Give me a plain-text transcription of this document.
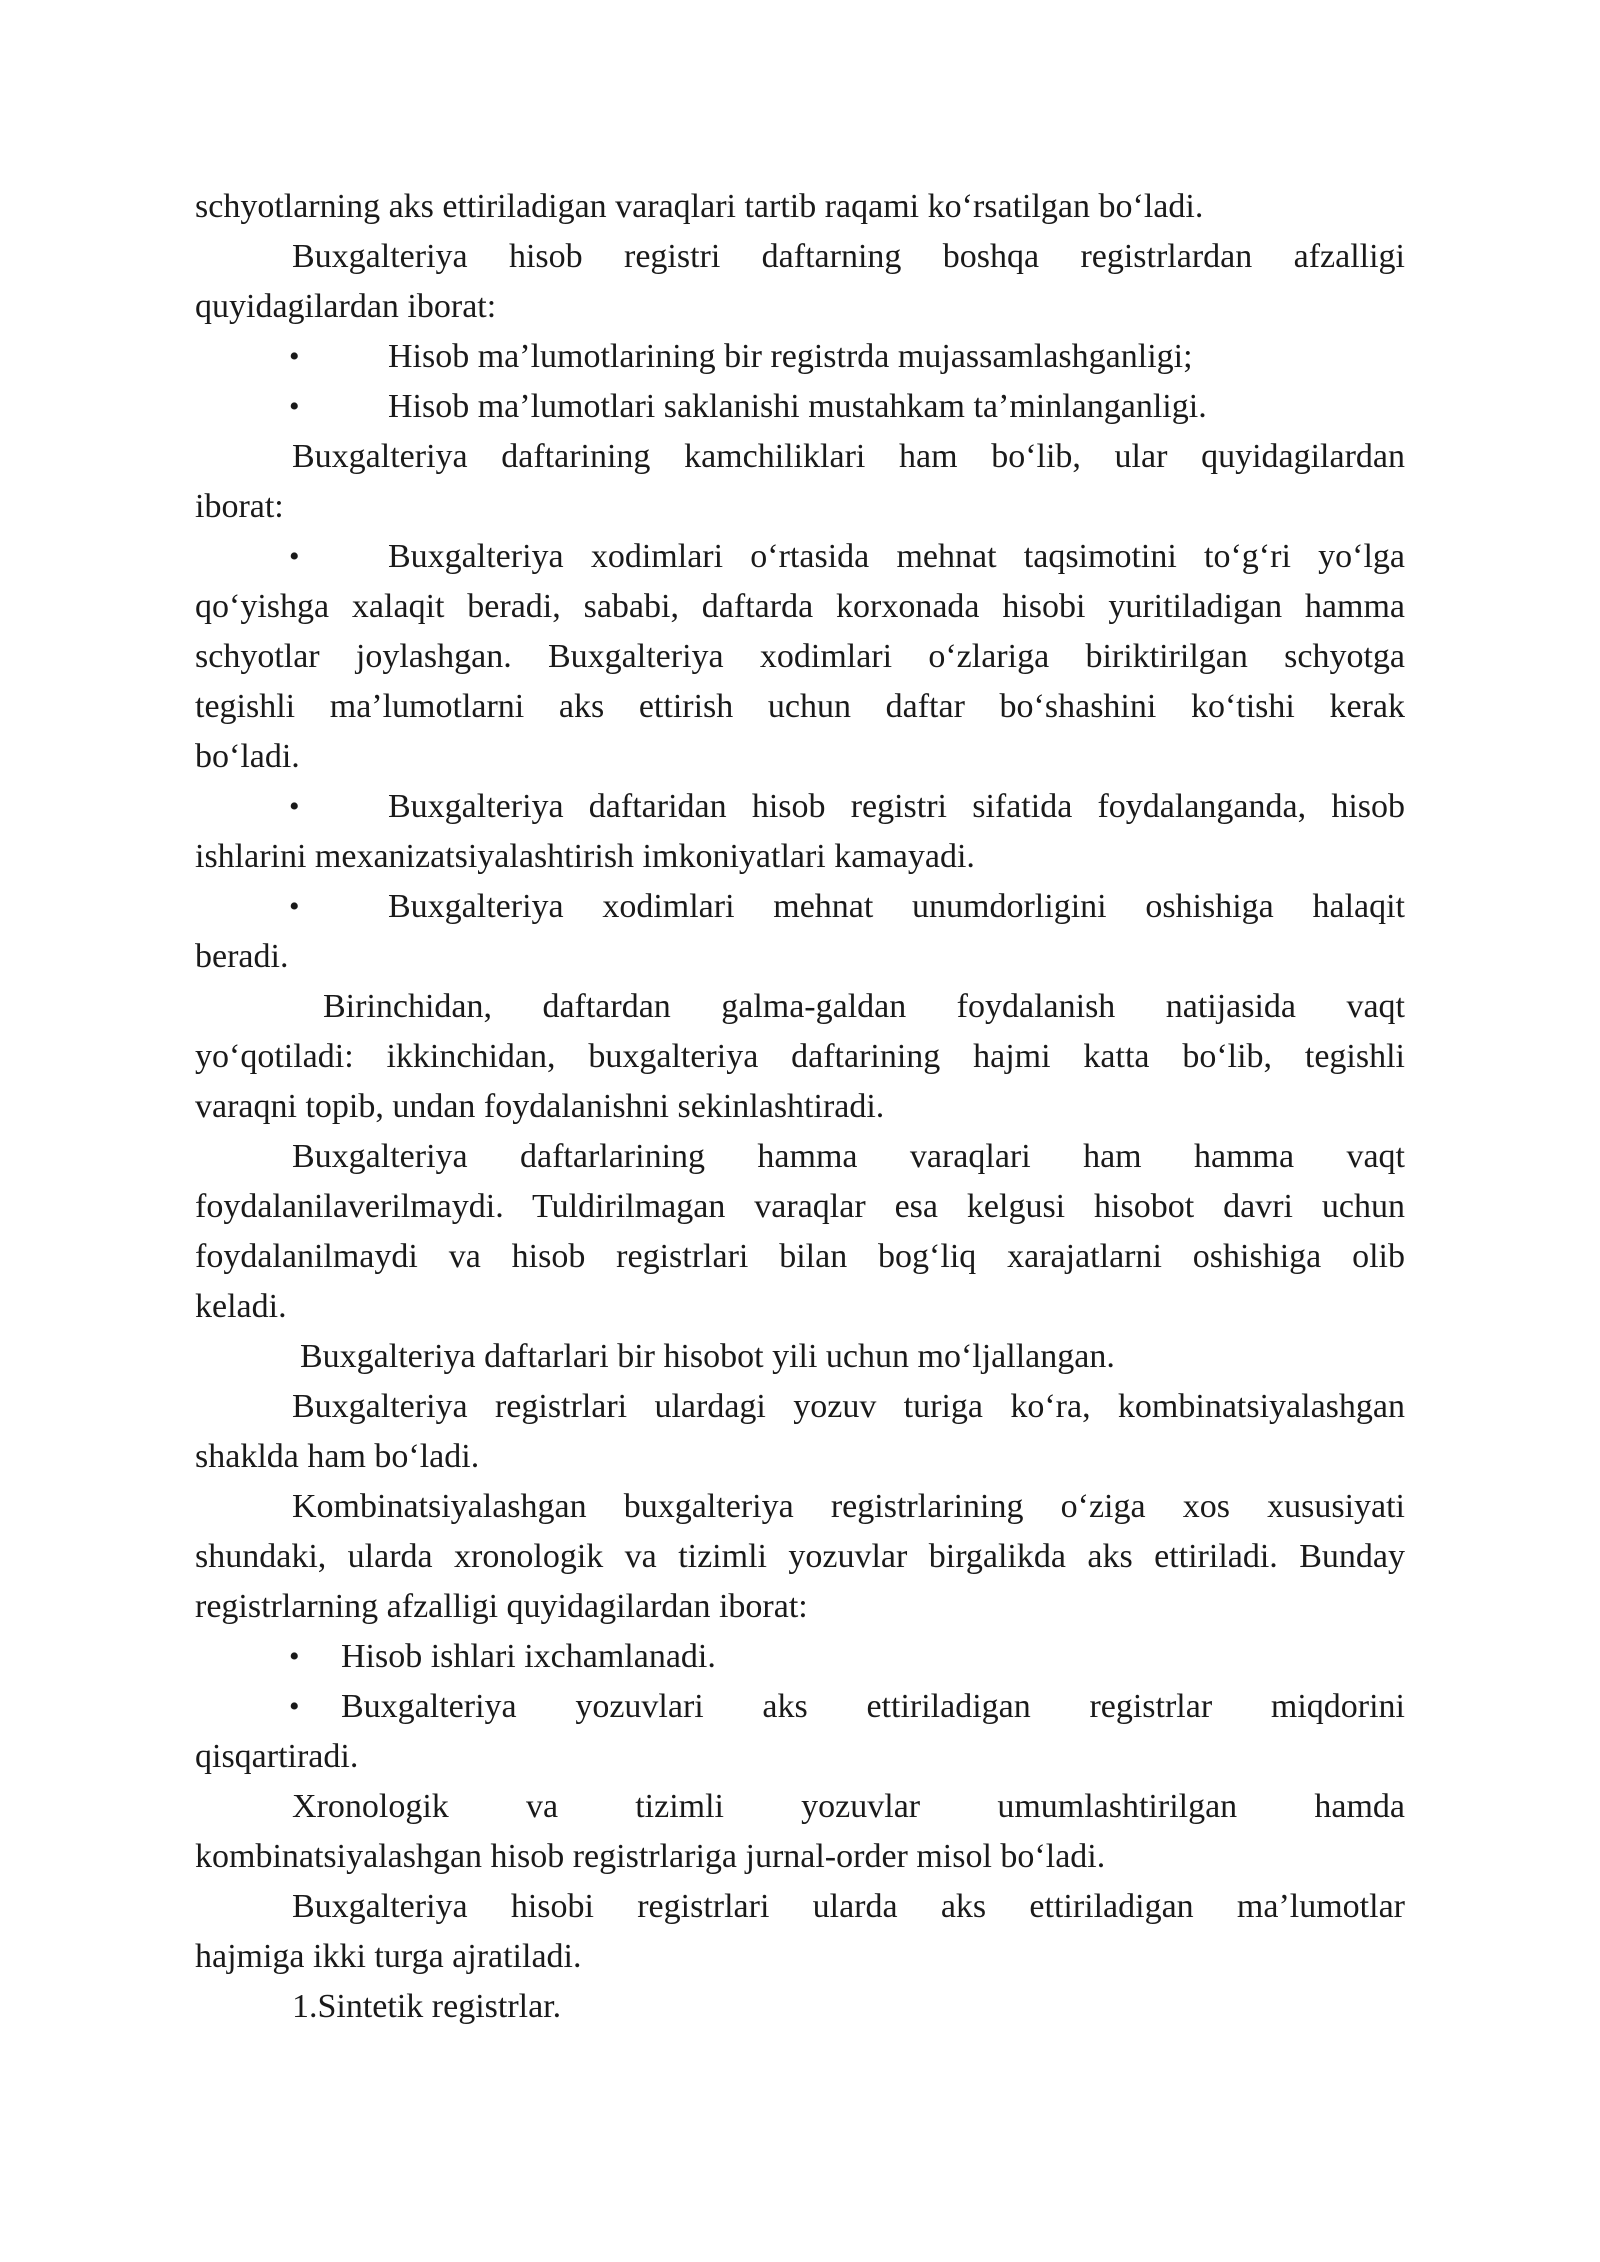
schyotlarning aks ettiriladigan varaqlari tartib raqami ko‘rsatilgan bo‘ladi.
Buxgalteriya hisob registri daftarning boshqa registrlardan afzalligi
quyidagilardan iborat:
•	Hisob ma’lumotlarining bir registrda mujassamlashganligi;
•	Hisob ma’lumotlari saklanishi mustahkam ta’minlanganligi.
Buxgalteriya daftarining kamchiliklari ham bo‘lib, ular quyidagilardan
iborat:
•	Buxgalteriya xodimlari o‘rtasida mehnat taqsimotini to‘g‘ri yo‘lga
qo‘yishga xalaqit beradi, sababi, daftarda korxonada hisobi yuritiladigan hamma
schyotlar joylashgan. Buxgalteriya xodimlari o‘zlariga biriktirilgan schyotga
tegishli ma’lumotlarni aks ettirish uchun daftar bo‘shashini ko‘tishi kerak
bo‘ladi.
•	Buxgalteriya daftaridan hisob registri sifatida foydalanganda, hisob
ishlarini mexanizatsiyalashtirish imkoniyatlari kamayadi.
•	Buxgalteriya xodimlari mehnat unumdorligini oshishiga halaqit
beradi.
Birinchidan, daftardan galma-galdan foydalanish natijasida vaqt
yo‘qotiladi: ikkinchidan, buxgalteriya daftarining hajmi katta bo‘lib, tegishli
varaqni topib, undan foydalanishni sekinlashtiradi.
Buxgalteriya daftarlarining hamma varaqlari ham hamma vaqt
foydalanilaverilmaydi. Tuldirilmagan varaqlar esa kelgusi hisobot davri uchun
foydalanilmaydi va hisob registrlari bilan bog‘liq xarajatlarni oshishiga olib
keladi.
Buxgalteriya daftarlari bir hisobot yili uchun mo‘ljallangan.
Buxgalteriya registrlari ulardagi yozuv turiga ko‘ra, kombinatsiyalashgan
shaklda ham bo‘ladi.
Kombinatsiyalashgan buxgalteriya registrlarining o‘ziga xos xususiyati
shundaki, ularda xronologik va tizimli yozuvlar birgalikda aks ettiriladi. Bunday
registrlarning afzalligi quyidagilardan iborat:
• Hisob ishlari ixchamlanadi.
• Buxgalteriya yozuvlari aks ettiriladigan registrlar miqdorini
qisqartiradi.
Xronologik va tizimli yozuvlar umumlashtirilgan hamda
kombinatsiyalashgan hisob registrlariga jurnal-order misol bo‘ladi.
Buxgalteriya hisobi registrlari ularda aks ettiriladigan ma’lumotlar
hajmiga ikki turga ajratiladi.
1.Sintetik registrlar.
